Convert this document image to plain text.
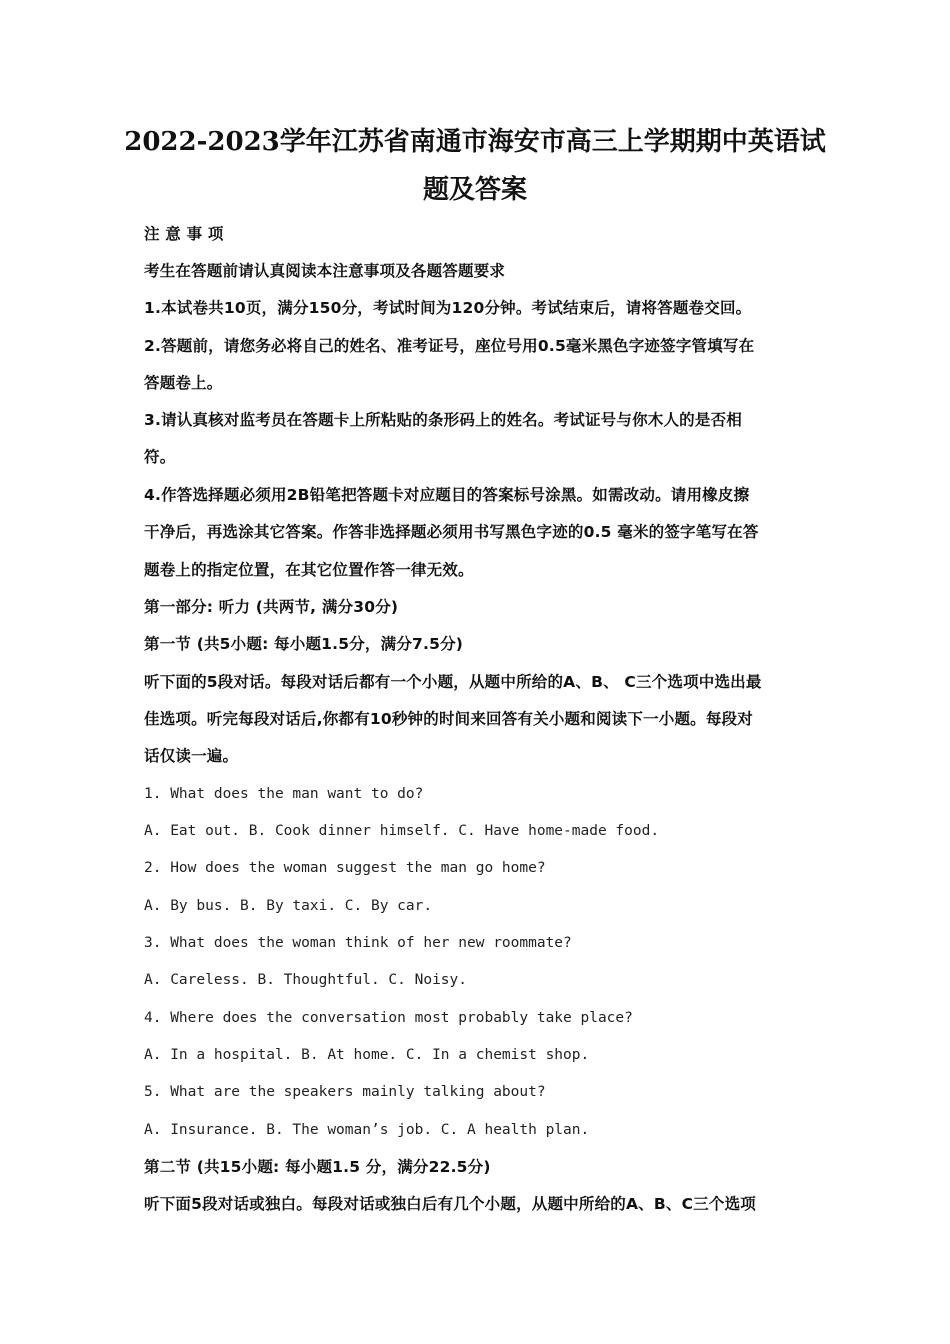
2022-2023学年江苏省南通市海安市高三上学期期中英语试
题及答案
注 意 事 项
考生在答题前请认真阅读本注意事项及各题答题要求
1.本试卷共10页，满分150分，考试时间为120分钟。考试结束后，请将答题卷交回。
2.答题前，请您务必将自己的姓名、准考证号，座位号用0.5毫米黑色字迹签字管填写在
答题卷上。
3.请认真核对监考员在答题卡上所粘贴的条形码上的姓名。考试证号与你木人的是否相
符。
4.作答选择题必须用2B铅笔把答题卡对应题目的答案标号涂黑。如需改动。请用橡皮擦
干净后，再选涂其它答案。作答非选择题必须用书写黑色字迹的0.5 毫米的签字笔写在答
题卷上的指定位置，在其它位置作答一律无效。
第一部分: 听力 (共两节, 满分30分)
第一节 (共5小题: 每小题1.5分，满分7.5分)
听下面的5段对话。每段对话后都有一个小题，从题中所给的A、B、 C三个选项中选出最
佳选项。听完每段对话后,你都有10秒钟的时间来回答有关小题和阅读下一小题。每段对
话仅读一遍。
1. What does the man want to do?
A. Eat out. B. Cook dinner himself. C. Have home-made food.
2. How does the woman suggest the man go home?
A. By bus. B. By taxi. C. By car.
3. What does the woman think of her new roommate?
A. Careless. B. Thoughtful. C. Noisy.
4. Where does the conversation most probably take place?
A. In a hospital. B. At home. C. In a chemist shop.
5. What are the speakers mainly talking about?
A. Insurance. B. The woman’s job. C. A health plan.
第二节 (共15小题: 每小题1.5 分，满分22.5分)
听下面5段对话或独白。每段对话或独白后有几个小题，从题中所给的A、B、C三个选项
